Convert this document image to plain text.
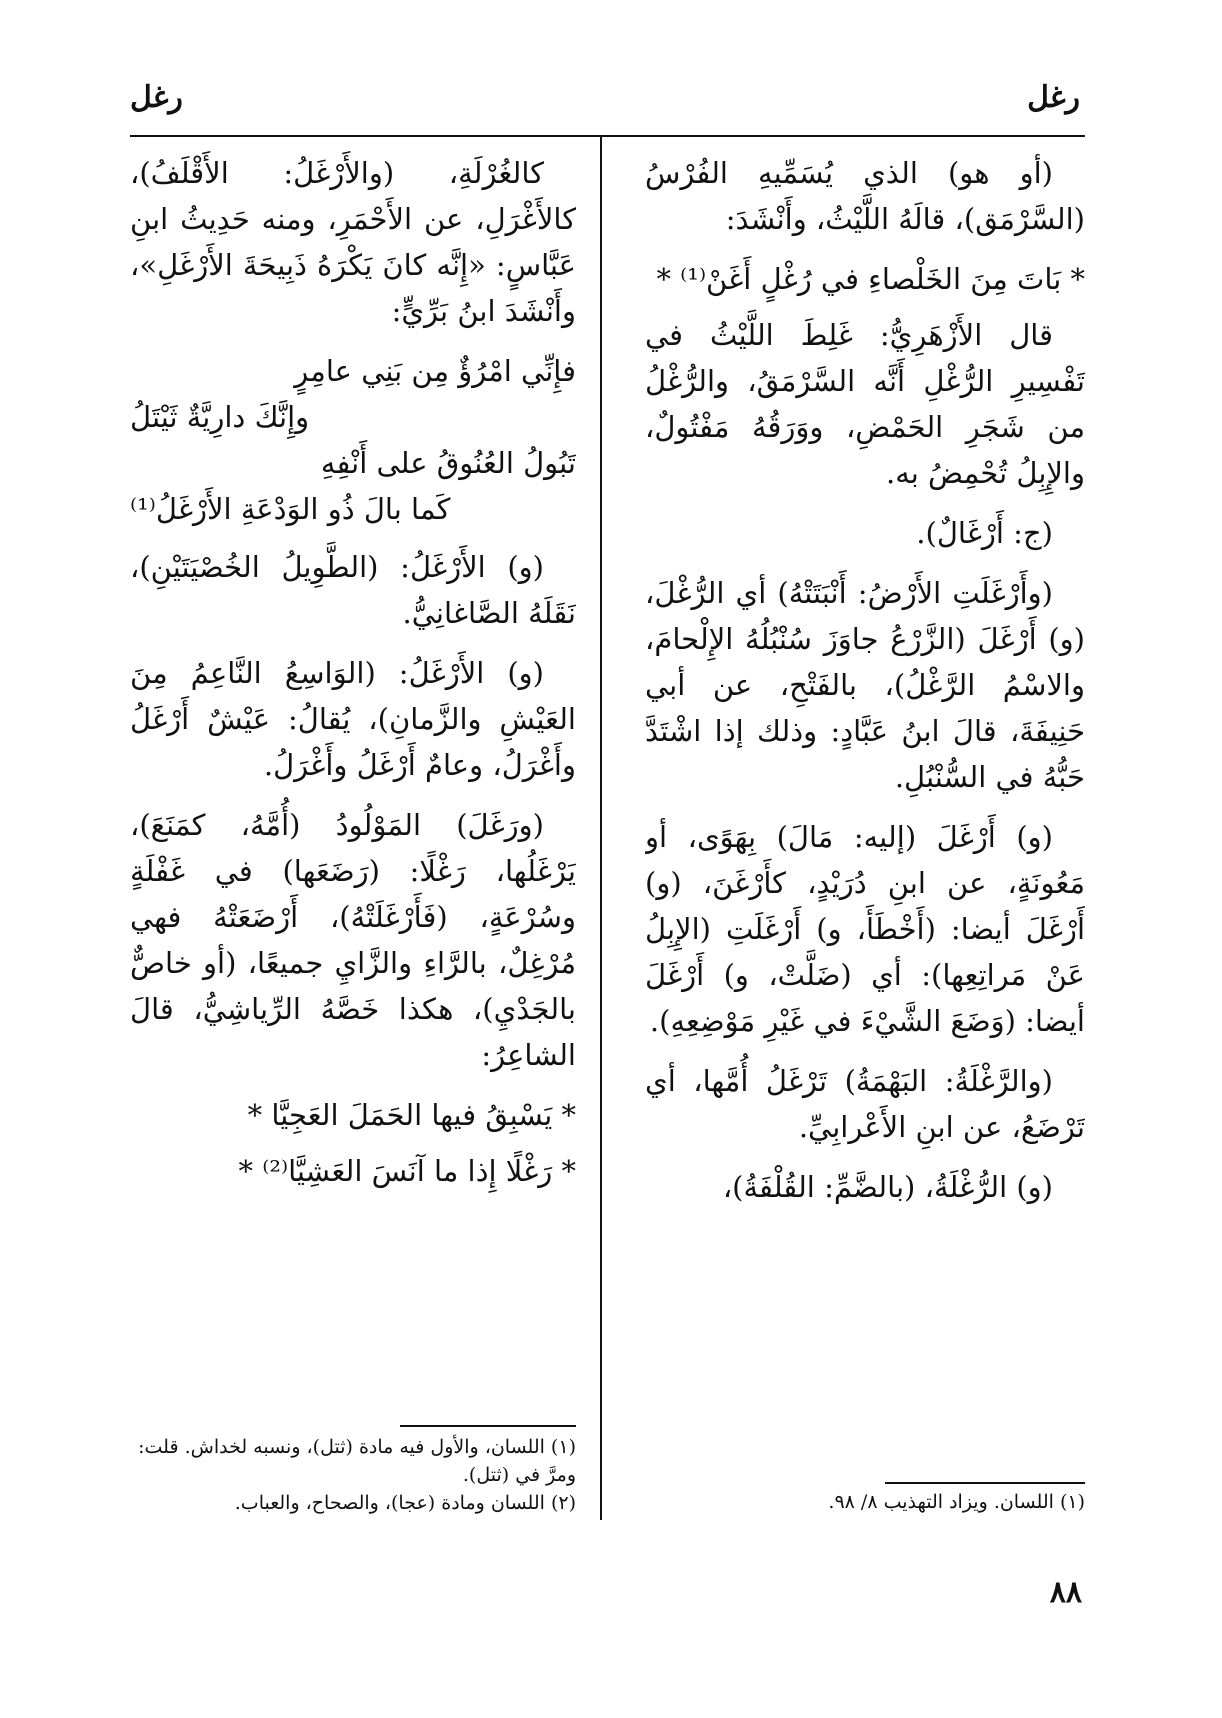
رغل
رغل

(أو هو) الذي يُسَمِّيهِ الفُرْسُ (السَّرْمَق)، قالَهُ اللَّيْثُ، وأَنْشَدَ:

* بَاتَ مِنَ الخَلْصاءِ في رُغْلٍ أَغَنْ⁽¹⁾ *

قال الأَزْهَرِيُّ: غَلِطَ اللَّيْثُ في تَفْسِيرِ الرُّغْلِ أَنَّه السَّرْمَقُ، والرُّغْلُ من شَجَرِ الحَمْضِ، ووَرَقُهُ مَفْتُولٌ، والإِبِلُ تُحْمِضُ به.

(ج: أَرْغَالٌ).

(وأَرْغَلَتِ الأَرْضُ: أَنْبَتَتْهُ) أي الرُّغْلَ، (و) أَرْغَلَ (الزَّرْعُ جاوَزَ سُنْبُلُهُ الإِلْحامَ، والاسْمُ الرَّغْلُ)، بالفَتْحِ، عن أبي حَنِيفَةَ، قالَ ابنُ عَبَّادٍ: وذلك إذا اشْتَدَّ حَبُّهُ في السُّنْبُلِ.

(و) أَرْغَلَ (إليه: مَالَ) بِهَوًى، أو مَعُونَةٍ، عن ابنِ دُرَيْدٍ، كأَرْغَنَ، (و) أَرْغَلَ أيضا: (أَخْطَأَ، و) أَرْغَلَتِ (الإِبِلُ عَنْ مَراتِعِها): أي (ضَلَّتْ، و) أَرْغَلَ أيضا: (وَضَعَ الشَّيْءَ في غَيْرِ مَوْضِعِهِ).

(والرَّغْلَةُ: البَهْمَةُ) تَرْغَلُ أُمَّها، أي تَرْضَعُ، عن ابنِ الأَعْرابِيِّ.

(و) الرُّغْلَةُ، (بالضَّمِّ: القُلْفَةُ)،

كالغُرْلَةِ، (والأَرْغَلُ: الأَقْلَفُ)، كالأَغْرَلِ، عن الأَحْمَرِ، ومنه حَدِيثُ ابنِ عَبَّاسٍ: «إِنَّه كانَ يَكْرَهُ ذَبِيحَةَ الأَرْغَلِ»، وأَنْشَدَ ابنُ بَرِّيٍّ:

فإِنِّي امْرُؤٌ مِن بَنِي عامِرٍ
وإِنَّكَ دارِيَّةٌ ثَيْتَلُ
تَبُولُ العُنُوقُ على أَنْفِهِ
كَما بالَ ذُو الوَدْعَةِ الأَرْغَلُ⁽¹⁾

(و) الأَرْغَلُ: (الطَّوِيلُ الخُصْيَتَيْنِ)، نَقَلَهُ الصَّاغانِيُّ.

(و) الأَرْغَلُ: (الوَاسِعُ النَّاعِمُ مِنَ العَيْشِ والزَّمانِ)، يُقالُ: عَيْشٌ أَرْغَلُ وأَغْرَلُ، وعامٌ أَرْغَلُ وأَغْرَلُ.

(ورَغَلَ) المَوْلُودُ (أُمَّهُ، كمَنَعَ)، يَرْغَلُها، رَغْلًا: (رَضَعَها) في غَفْلَةٍ وسُرْعَةٍ، (فَأَرْغَلَتْهُ)، أَرْضَعَتْهُ فهي مُرْغِلٌ، بالرَّاءِ والزَّايِ جميعًا، (أو خاصٌّ بالجَدْيِ)، هكذا خَصَّهُ الرِّياشِيُّ، قالَ الشاعِرُ:

* يَسْبِقُ فيها الحَمَلَ العَجِيَّا *
* رَغْلًا إِذا ما آنَسَ العَشِيَّا⁽²⁾ *

(١) اللسان. ويزاد التهذيب ٨/ ٩٨.

(١) اللسان، والأول فيه مادة (ثتل)، ونسبه لخداش. قلت: ومرَّ في (ثتل).

(٢) اللسان ومادة (عجا)، والصحاح، والعباب.

٨٨
